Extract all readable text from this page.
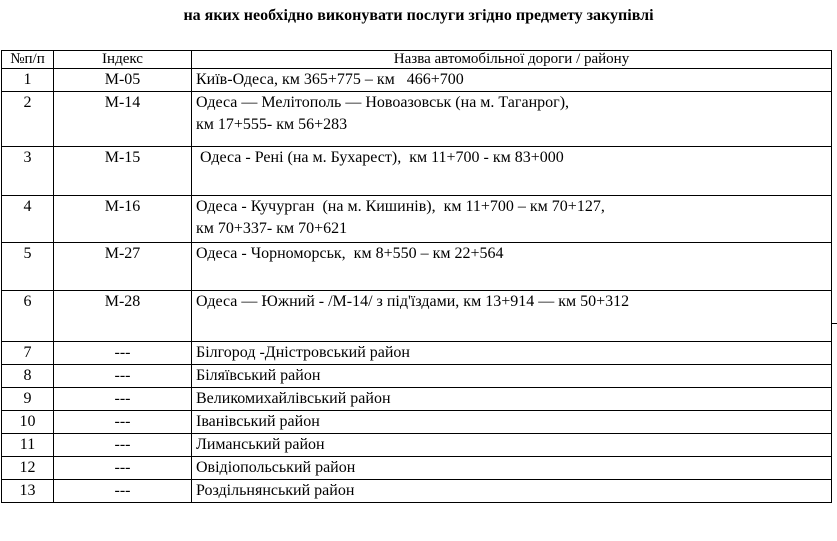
на яких необхідно виконувати послуги згідно предмету закупівлі
№п/п	Індекс	Назва автомобільної дороги / району
1	М-05	Київ-Одеса, км 365+775 – км   466+700

2	М-14	Одеса — Мелітополь — Новоазовськ (на м. Таганрог),
км 17+555- км 56+283

3	М-15	Одеса - Рені (на м. Бухарест),  км 11+700 - км 83+000

4	М-16	Одеса - Кучурган  (на м. Кишинів),  км 11+700 – км 70+127,
км 70+337- км 70+621

5	М-27	Одеса - Чорноморськ,  км 8+550 – км 22+564

6	М-28	Одеса — Южний - /М-14/ з під'їздами, км 13+914 — км 50+312

7	---	Білгород -Дністровський район

8	---	Біляївський район

9	---	Великомихайлівський район

10	---	Іванівський район

11	---	Лиманський район

12	---	Овідіопольський район

13	---	Роздільнянський район
